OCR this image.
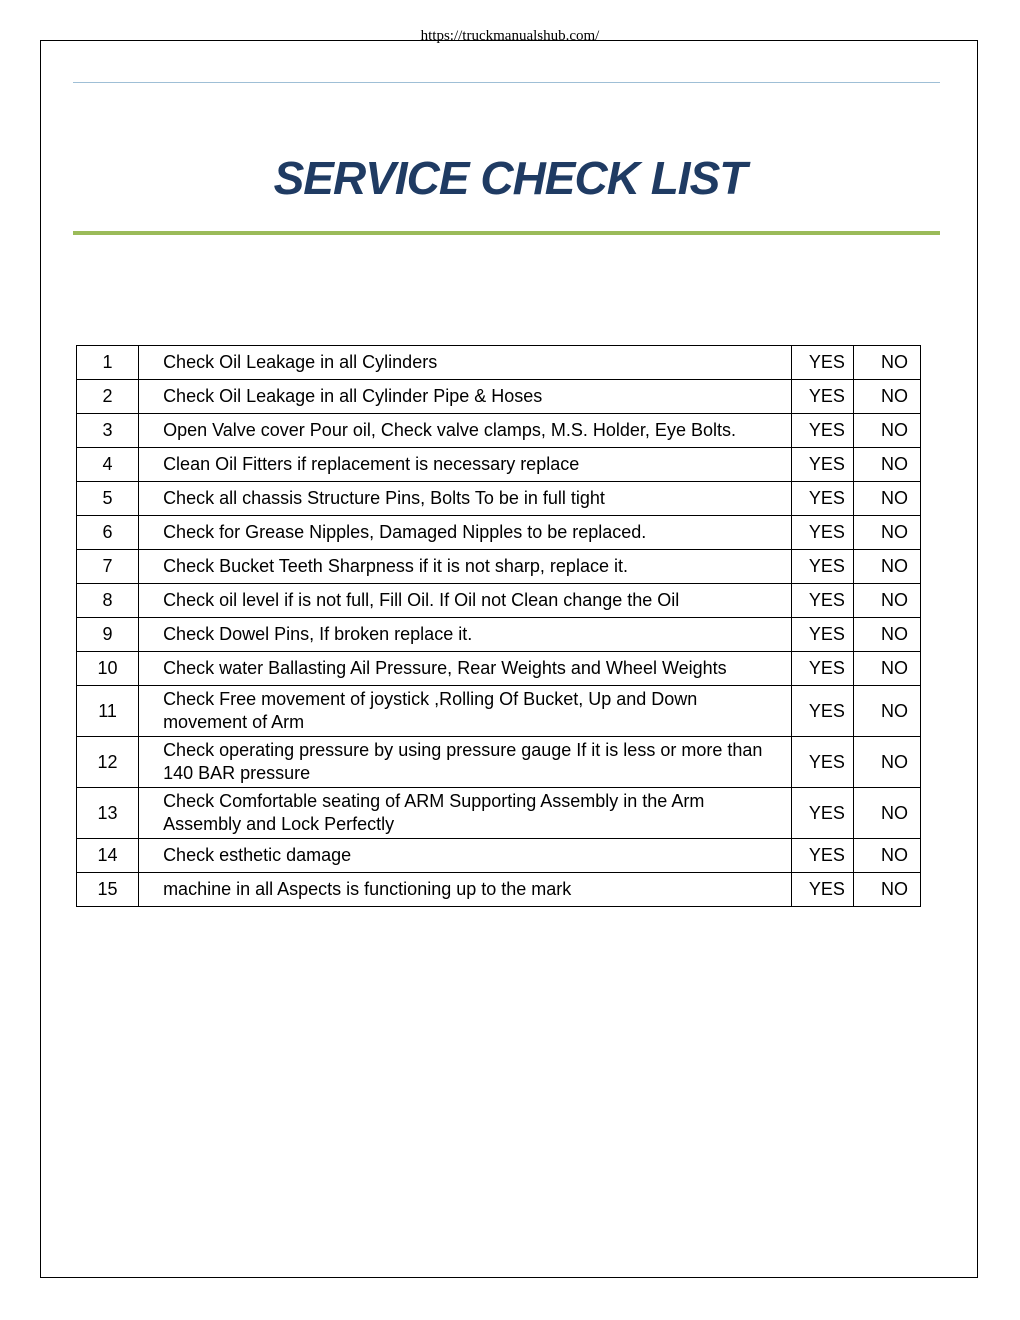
https://truckmanualshub.com/
SERVICE CHECK LIST
1	Check Oil Leakage in all Cylinders	YES	NO
2	Check Oil Leakage in all Cylinder Pipe & Hoses	YES	NO
3	Open Valve cover Pour oil, Check valve clamps, M.S. Holder, Eye Bolts.	YES	NO
4	Clean Oil Fitters if replacement is necessary replace	YES	NO
5	Check all chassis Structure Pins, Bolts To be in full tight	YES	NO
6	Check for Grease Nipples, Damaged Nipples to be replaced.	YES	NO
7	Check Bucket Teeth Sharpness if it is not sharp, replace it.	YES	NO
8	Check oil level if is not full, Fill Oil. If Oil not Clean change the Oil	YES	NO
9	Check Dowel Pins, If broken replace it.	YES	NO
10	Check water Ballasting Ail Pressure, Rear Weights and Wheel Weights	YES	NO
11	Check Free movement of joystick ,Rolling Of Bucket, Up and Down movement of Arm	YES	NO
12	Check operating pressure by using pressure gauge If it is less or more than 140 BAR pressure	YES	NO
13	Check Comfortable seating of ARM Supporting Assembly in the Arm Assembly and Lock Perfectly	YES	NO
14	Check esthetic damage	YES	NO
15	machine in all Aspects is functioning up to the mark	YES	NO
